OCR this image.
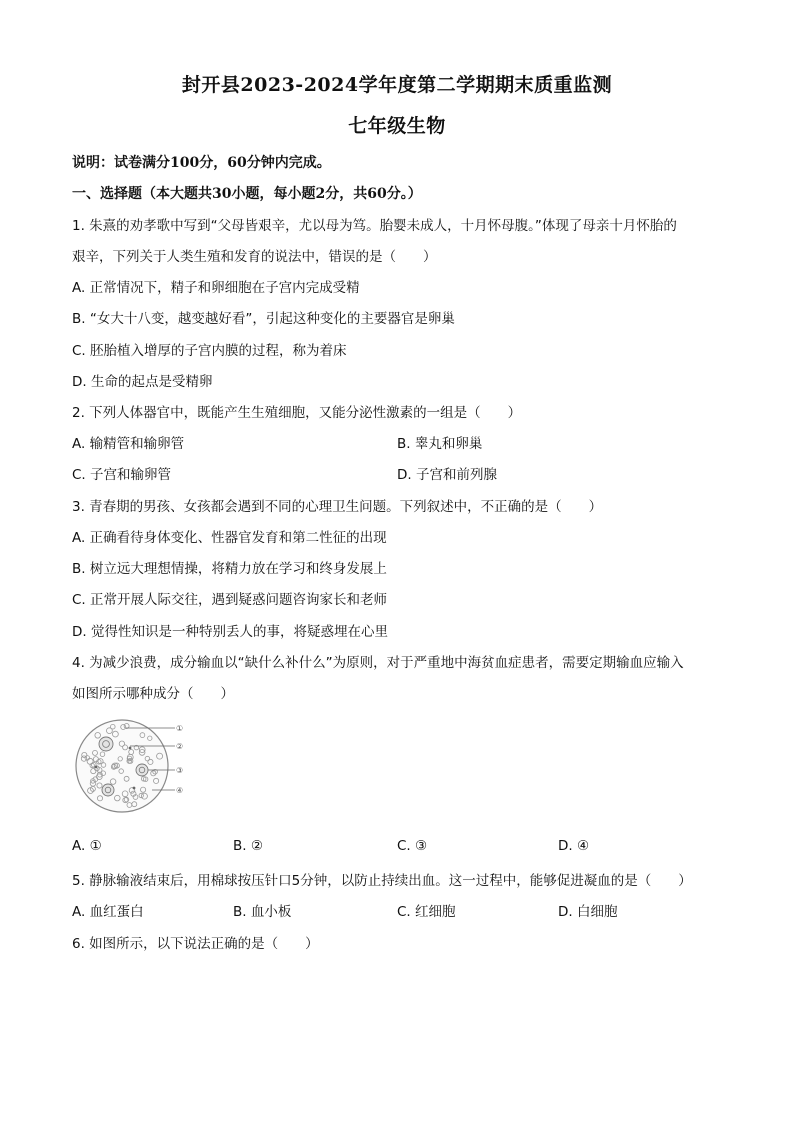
封开县2023-2024学年度第二学期期末质重监测
七年级生物
说明：试卷满分100分，60分钟内完成。
一、选择题（本大题共30小题，每小题2分，共60分。）
1. 朱熹的劝孝歌中写到“父母皆艰辛，尤以母为笃。胎婴未成人，十月怀母腹。”体现了母亲十月怀胎的
艰辛，下列关于人类生殖和发育的说法中，错误的是（　　）
A. 正常情况下，精子和卵细胞在子宫内完成受精
B. “女大十八变，越变越好看”，引起这种变化的主要器官是卵巢
C. 胚胎植入增厚的子宫内膜的过程，称为着床
D. 生命的起点是受精卵
2. 下列人体器官中，既能产生生殖细胞，又能分泌性激素的一组是（　　）
A. 输精管和输卵管	B. 睾丸和卵巢
C. 子宫和输卵管	D. 子宫和前列腺
3. 青春期的男孩、女孩都会遇到不同的心理卫生问题。下列叙述中，不正确的是（　　）
A. 正确看待身体变化、性器官发育和第二性征的出现
B. 树立远大理想情操，将精力放在学习和终身发展上
C. 正常开展人际交往，遇到疑惑问题咨询家长和老师
D. 觉得性知识是一种特别丢人的事，将疑惑埋在心里
4. 为减少浪费，成分输血以“缺什么补什么”为原则，对于严重地中海贫血症患者，需要定期输血应输入
如图所示哪种成分（　　）
①
②
③
④
A. ①	B. ②	C. ③	D. ④
5. 静脉输液结束后，用棉球按压针口5分钟，以防止持续出血。这一过程中，能够促进凝血的是（　　）
A. 血红蛋白	B. 血小板	C. 红细胞	D. 白细胞
6. 如图所示，以下说法正确的是（　　）
